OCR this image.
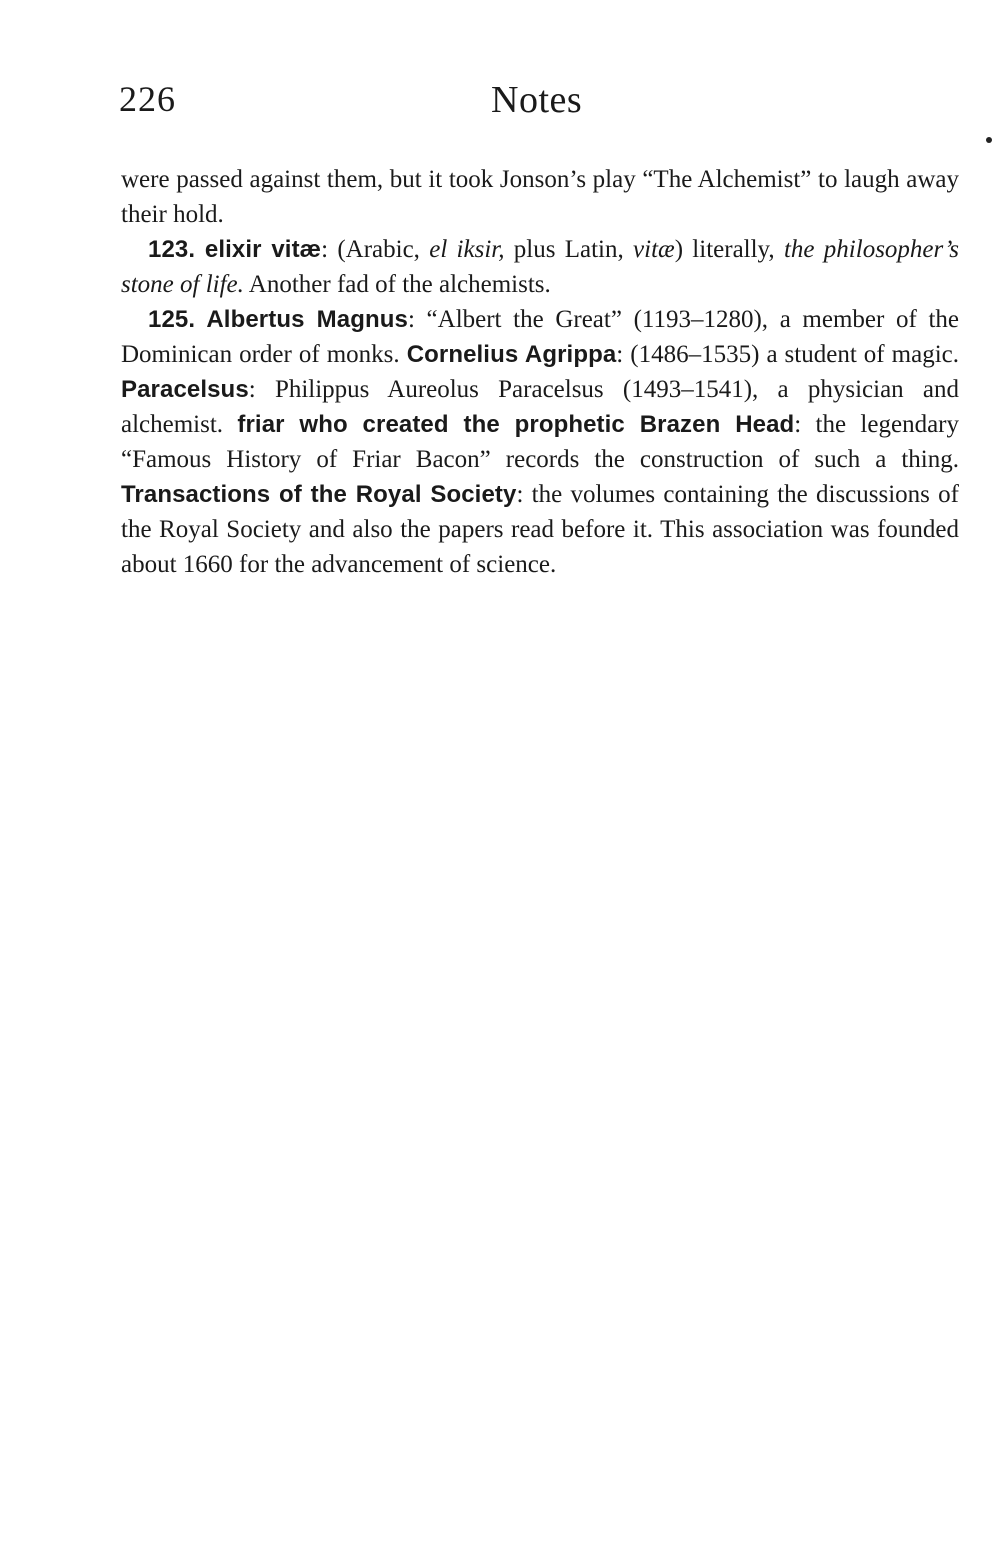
226	Notes

were passed against them, but it took Jonson’s play “The Alchemist” to laugh away their hold.

123. elixir vitæ: (Arabic, el iksir, plus Latin, vitæ) literally, the philosopher’s stone of life. Another fad of the alchemists.

125. Albertus Magnus: “Albert the Great” (1193–1280), a member of the Dominican order of monks. Cornelius Agrippa: (1486–1535) a student of magic. Paracelsus: Philippus Aureolus Paracelsus (1493–1541), a physician and alchemist. friar who created the prophetic Brazen Head: the legendary “Famous History of Friar Bacon” records the construction of such a thing. Transactions of the Royal Society: the volumes containing the discussions of the Royal Society and also the papers read before it. This association was founded about 1660 for the advancement of science.
